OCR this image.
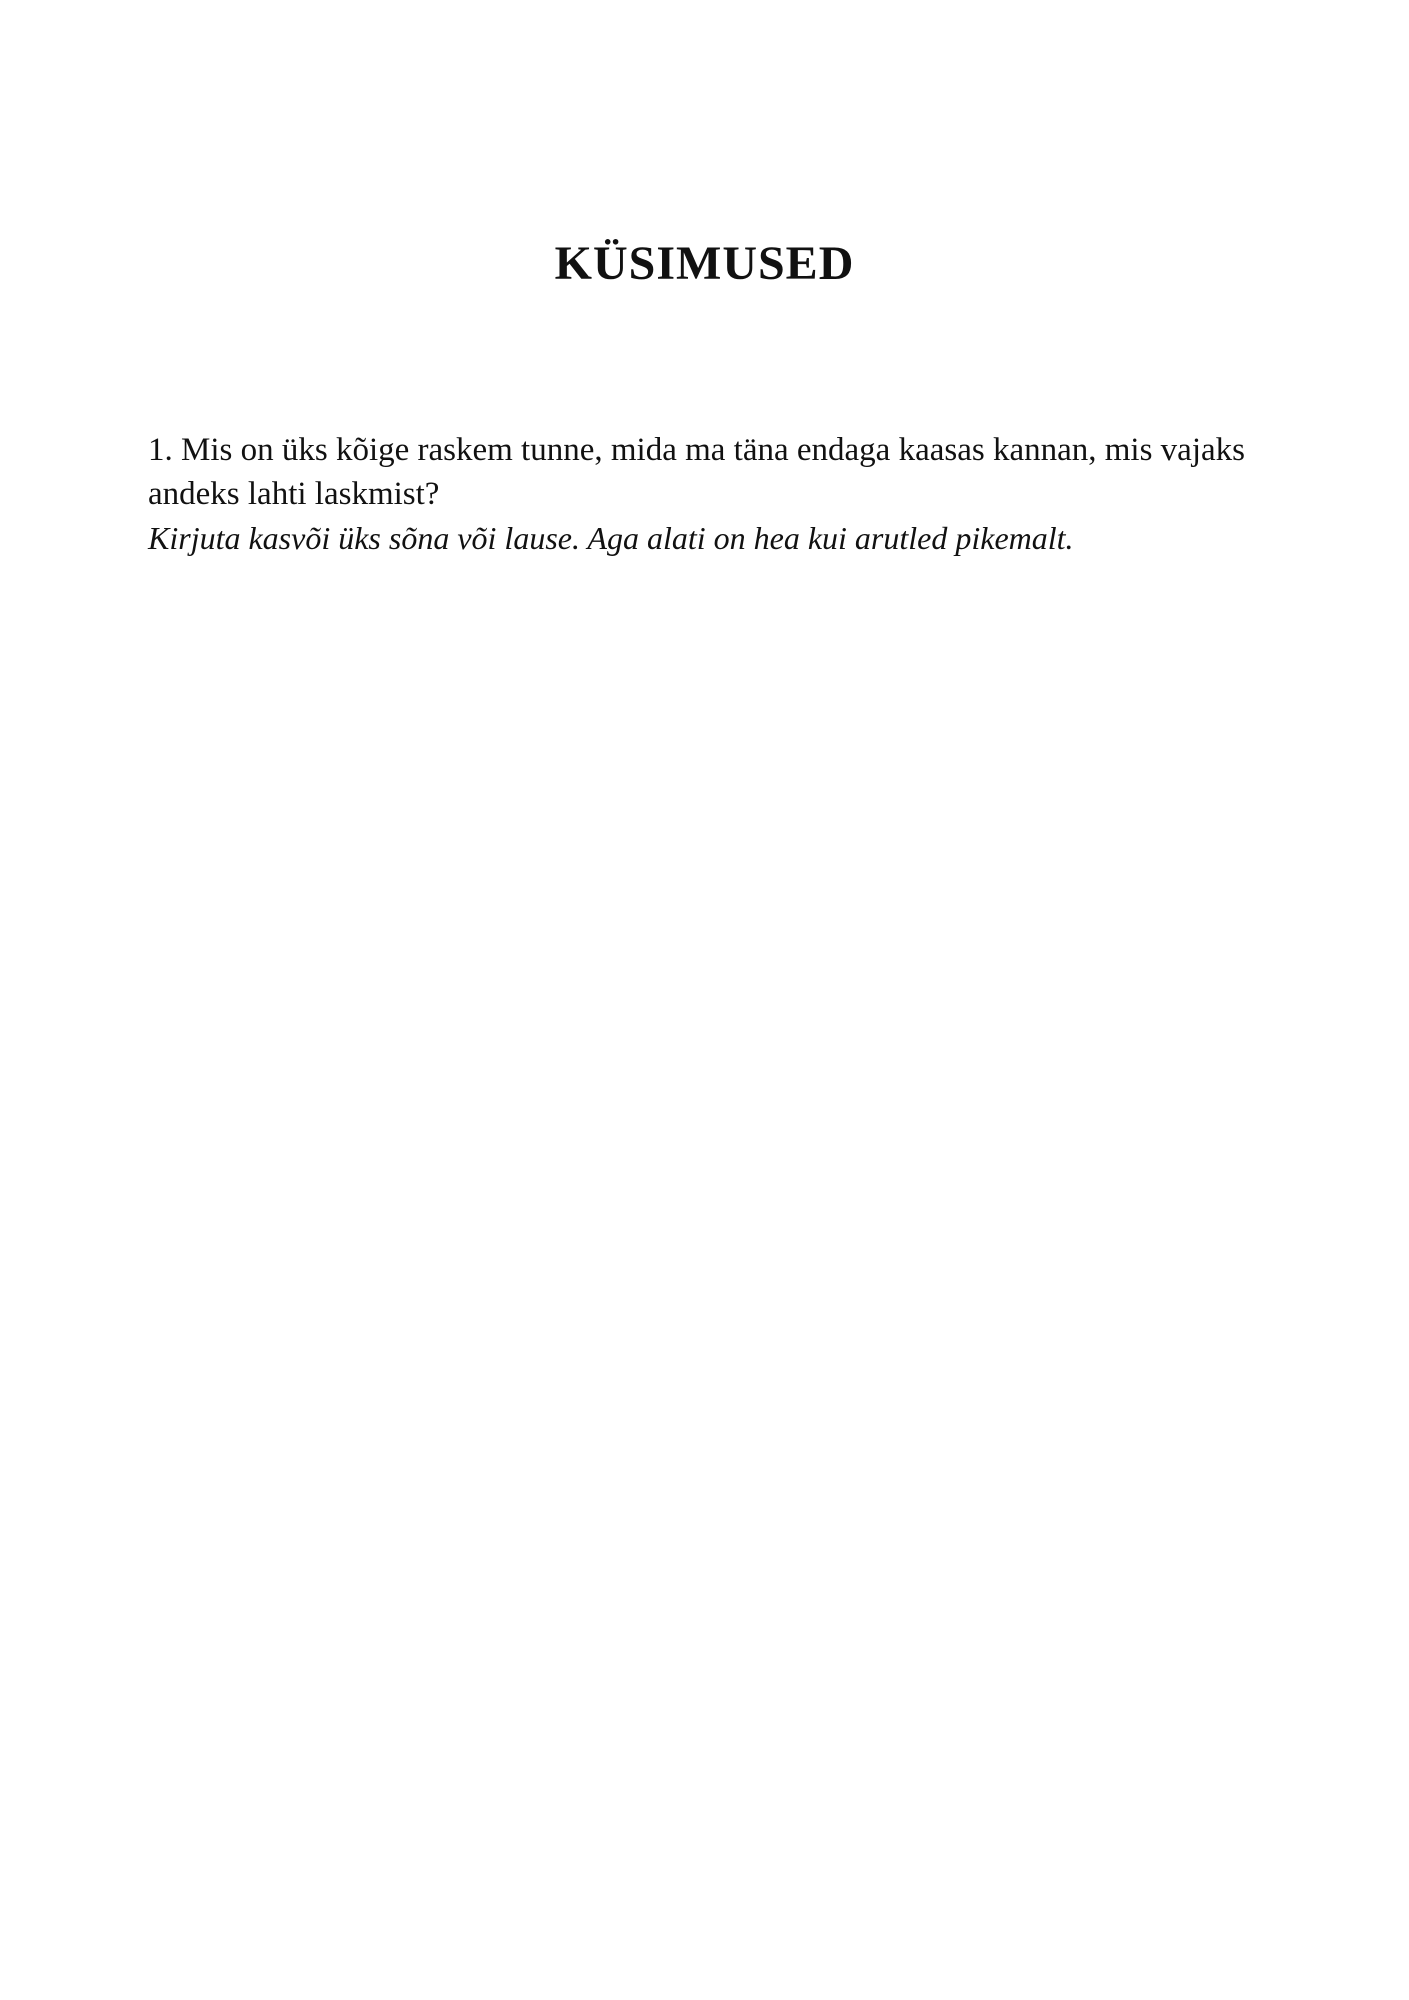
KÜSIMUSED

1. Mis on üks kõige raskem tunne, mida ma täna endaga kaasas kannan, mis vajaks andeks lahti laskmist?

Kirjuta kasvõi üks sõna või lause. Aga alati on hea kui arutled pikemalt.
